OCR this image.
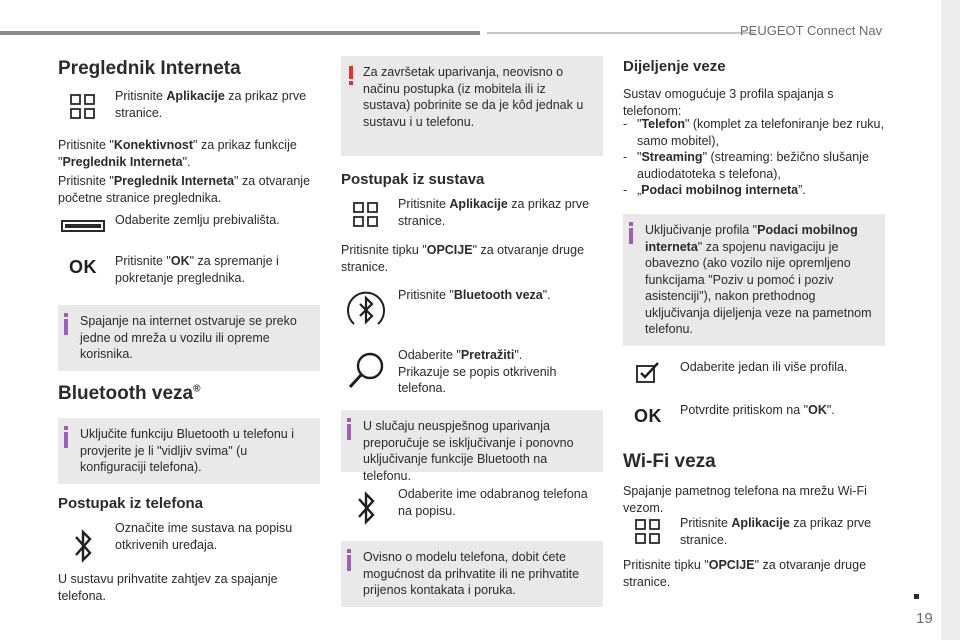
PEUGEOT Connect Nav
19
Preglednik Interneta
Pritisnite Aplikacije za prikaz prve stranice.
Pritisnite "Konektivnost" za prikaz funkcije "Preglednik Interneta".
Pritisnite "Preglednik Interneta" za otvaranje početne stranice preglednika.
Odaberite zemlju prebivališta.
OK	Pritisnite "OK" za spremanje i pokretanje preglednika.
Spajanje na internet ostvaruje se preko jedne od mreža u vozilu ili opreme korisnika.
Bluetooth veza®
Uključite funkciju Bluetooth u telefonu i provjerite je li "vidljiv svima" (u konfiguraciji telefona).
Postupak iz telefona
Označite ime sustava na popisu otkrivenih uređaja.
U sustavu prihvatite zahtjev za spajanje telefona.
Za završetak uparivanja, neovisno o načinu postupka (iz mobitela ili iz sustava) pobrinite se da je kôd jednak u sustavu i u telefonu.
Postupak iz sustava
Pritisnite Aplikacije za prikaz prve stranice.
Pritisnite tipku "OPCIJE" za otvaranje druge stranice.
Pritisnite "Bluetooth veza".
Odaberite "Pretražiti".
Prikazuje se popis otkrivenih telefona.
U slučaju neuspješnog uparivanja preporučuje se isključivanje i ponovno uključivanje funkcije Bluetooth na telefonu.
Odaberite ime odabranog telefona na popisu.
Ovisno o modelu telefona, dobit ćete mogućnost da prihvatite ili ne prihvatite prijenos kontakata i poruka.
Dijeljenje veze
Sustav omogućuje 3 profila spajanja s telefonom:
- "Telefon" (komplet za telefoniranje bez ruku, samo mobitel),
- "Streaming" (streaming: bežično slušanje audiodatoteka s telefona),
- „Podaci mobilnog interneta”.
Uključivanje profila "Podaci mobilnog interneta" za spojenu navigaciju je obavezno (ako vozilo nije opremljeno funkcijama "Poziv u pomoć i poziv asistenciji"), nakon prethodnog uključivanja dijeljenja veze na pametnom telefonu.
Odaberite jedan ili više profila.
OK	Potvrdite pritiskom na "OK".
Wi-Fi veza
Spajanje pametnog telefona na mrežu Wi-Fi vezom.
Pritisnite Aplikacije za prikaz prve stranice.
Pritisnite tipku "OPCIJE" za otvaranje druge stranice.
